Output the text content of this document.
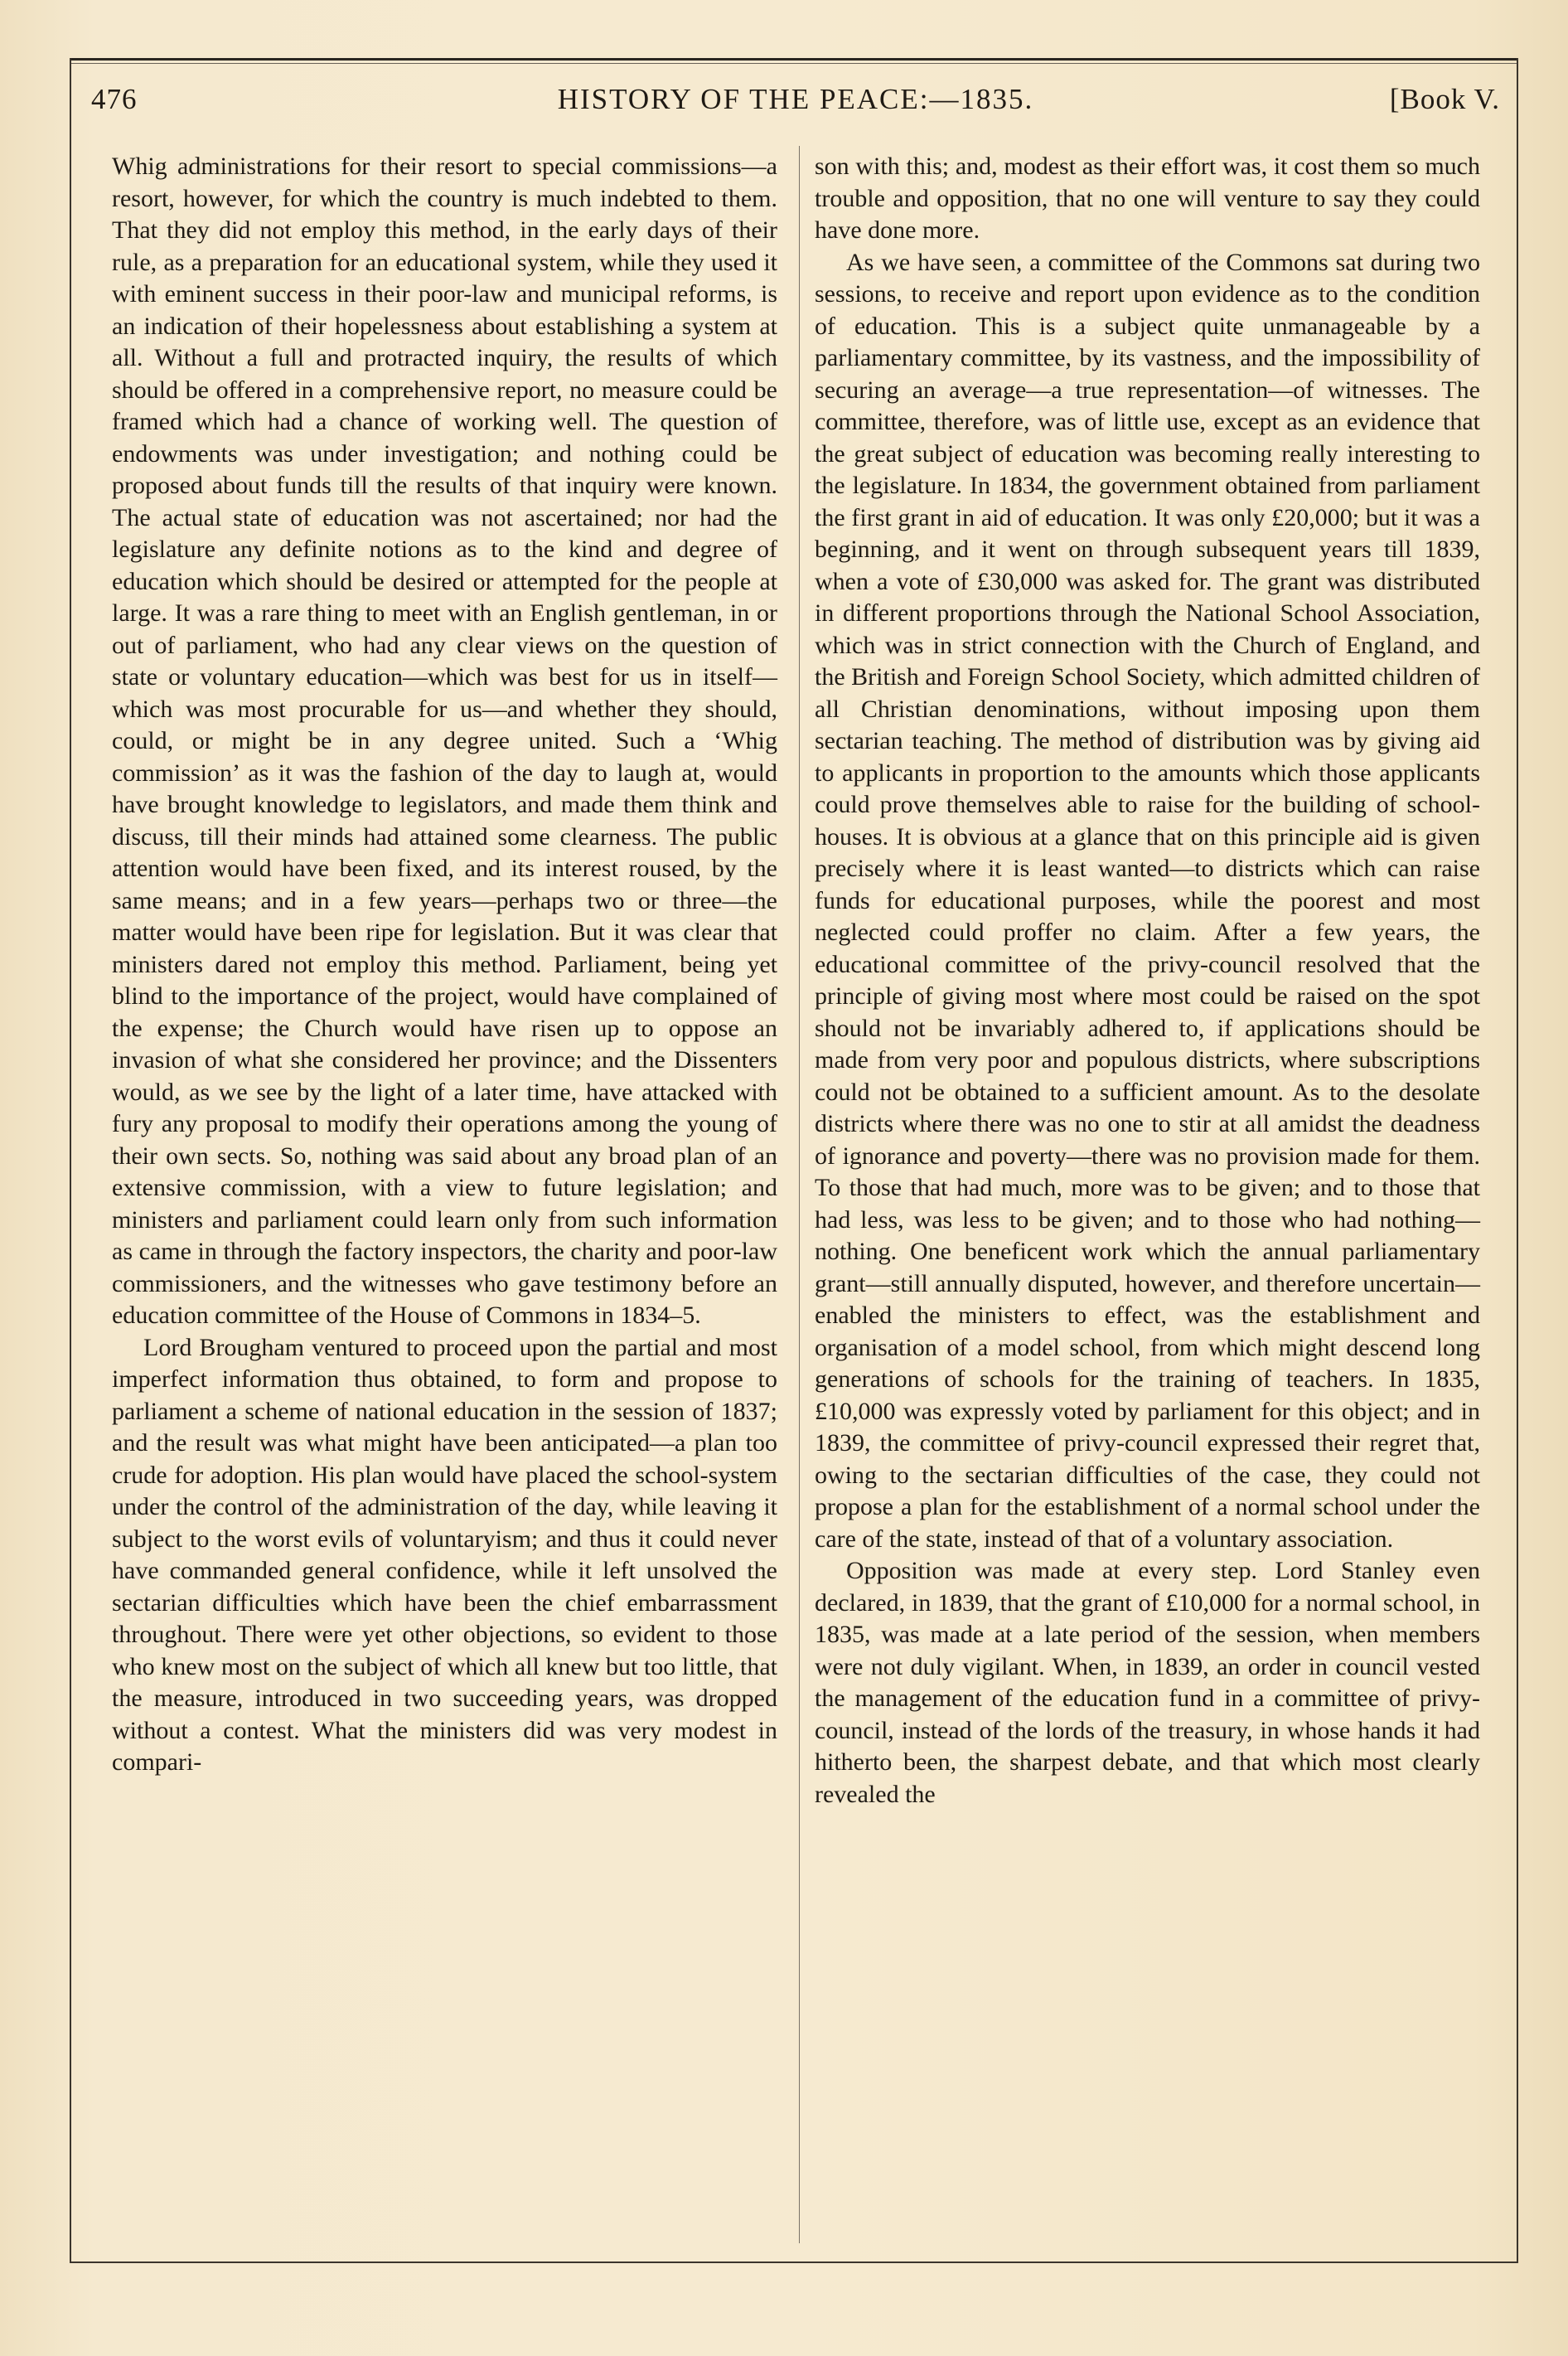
476	HISTORY OF THE PEACE:—1835.	[Book V.

Whig administrations for their resort to special commissions—a resort, however, for which the country is much indebted to them. That they did not employ this method, in the early days of their rule, as a preparation for an educational system, while they used it with eminent success in their poor-law and municipal reforms, is an indication of their hopelessness about establishing a system at all. Without a full and protracted inquiry, the results of which should be offered in a comprehensive report, no measure could be framed which had a chance of working well. The question of endowments was under investigation; and nothing could be proposed about funds till the results of that inquiry were known. The actual state of education was not ascertained; nor had the legislature any definite notions as to the kind and degree of education which should be desired or attempted for the people at large. It was a rare thing to meet with an English gentleman, in or out of parliament, who had any clear views on the question of state or voluntary education—which was best for us in itself—which was most procurable for us—and whether they should, could, or might be in any degree united. Such a ‘Whig commission’ as it was the fashion of the day to laugh at, would have brought knowledge to legislators, and made them think and discuss, till their minds had attained some clearness. The public attention would have been fixed, and its interest roused, by the same means; and in a few years—perhaps two or three—the matter would have been ripe for legislation. But it was clear that ministers dared not employ this method. Parliament, being yet blind to the importance of the project, would have complained of the expense; the Church would have risen up to oppose an invasion of what she considered her province; and the Dissenters would, as we see by the light of a later time, have attacked with fury any proposal to modify their operations among the young of their own sects. So, nothing was said about any broad plan of an extensive commission, with a view to future legislation; and ministers and parliament could learn only from such information as came in through the factory inspectors, the charity and poor-law commissioners, and the witnesses who gave testimony before an education committee of the House of Commons in 1834–5.

Lord Brougham ventured to proceed upon the partial and most imperfect information thus obtained, to form and propose to parliament a scheme of national education in the session of 1837; and the result was what might have been anticipated—a plan too crude for adoption. His plan would have placed the school-system under the control of the administration of the day, while leaving it subject to the worst evils of voluntaryism; and thus it could never have commanded general confidence, while it left unsolved the sectarian difficulties which have been the chief embarrassment throughout. There were yet other objections, so evident to those who knew most on the subject of which all knew but too little, that the measure, introduced in two succeeding years, was dropped without a contest. What the ministers did was very modest in compari-

son with this; and, modest as their effort was, it cost them so much trouble and opposition, that no one will venture to say they could have done more.

As we have seen, a committee of the Commons sat during two sessions, to receive and report upon evidence as to the condition of education. This is a subject quite unmanageable by a parliamentary committee, by its vastness, and the impossibility of securing an average—a true representation—of witnesses. The committee, therefore, was of little use, except as an evidence that the great subject of education was becoming really interesting to the legislature. In 1834, the government obtained from parliament the first grant in aid of education. It was only £20,000; but it was a beginning, and it went on through subsequent years till 1839, when a vote of £30,000 was asked for. The grant was distributed in different proportions through the National School Association, which was in strict connection with the Church of England, and the British and Foreign School Society, which admitted children of all Christian denominations, without imposing upon them sectarian teaching. The method of distribution was by giving aid to applicants in proportion to the amounts which those applicants could prove themselves able to raise for the building of school-houses. It is obvious at a glance that on this principle aid is given precisely where it is least wanted—to districts which can raise funds for educational purposes, while the poorest and most neglected could proffer no claim. After a few years, the educational committee of the privy-council resolved that the principle of giving most where most could be raised on the spot should not be invariably adhered to, if applications should be made from very poor and populous districts, where subscriptions could not be obtained to a sufficient amount. As to the desolate districts where there was no one to stir at all amidst the deadness of ignorance and poverty—there was no provision made for them. To those that had much, more was to be given; and to those that had less, was less to be given; and to those who had nothing—nothing. One beneficent work which the annual parliamentary grant—still annually disputed, however, and therefore uncertain—enabled the ministers to effect, was the establishment and organisation of a model school, from which might descend long generations of schools for the training of teachers. In 1835, £10,000 was expressly voted by parliament for this object; and in 1839, the committee of privy-council expressed their regret that, owing to the sectarian difficulties of the case, they could not propose a plan for the establishment of a normal school under the care of the state, instead of that of a voluntary association.

Opposition was made at every step. Lord Stanley even declared, in 1839, that the grant of £10,000 for a normal school, in 1835, was made at a late period of the session, when members were not duly vigilant. When, in 1839, an order in council vested the management of the education fund in a committee of privy-council, instead of the lords of the treasury, in whose hands it had hitherto been, the sharpest debate, and that which most clearly revealed the
